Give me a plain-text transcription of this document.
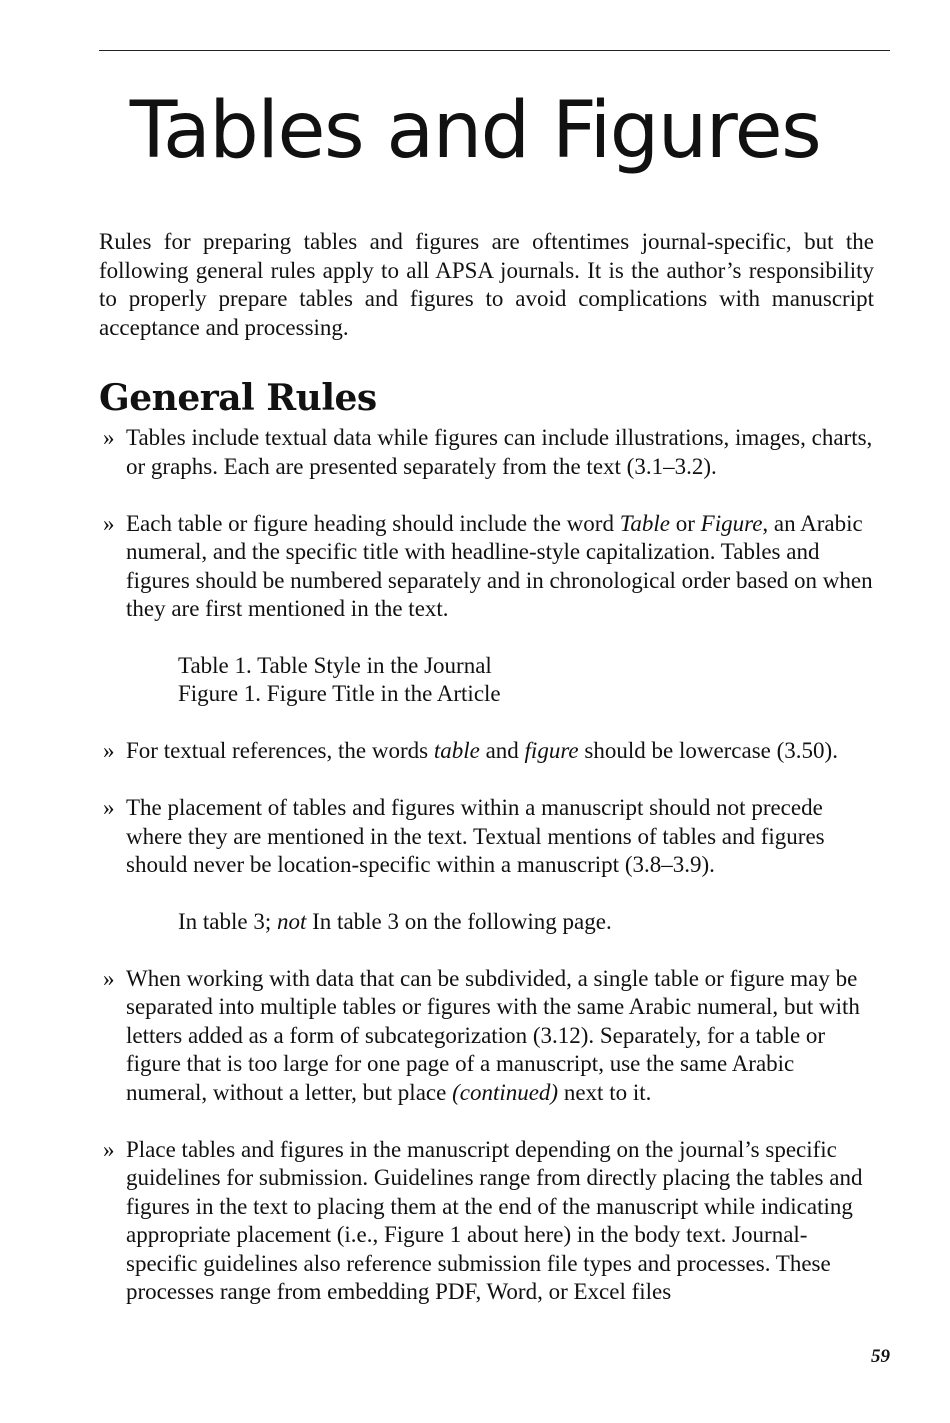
Tables and Figures

Rules for preparing tables and figures are oftentimes journal-specific, but the following general rules apply to all APSA journals. It is the author’s responsibility to properly prepare tables and figures to avoid complications with manuscript acceptance and processing.

General Rules
» Tables include textual data while figures can include illustrations, images, charts, or graphs. Each are presented separately from the text (3.1–3.2).

» Each table or figure heading should include the word Table or Figure, an Arabic numeral, and the specific title with headline-style capitalization. Tables and figures should be numbered separately and in chronological order based on when they are first mentioned in the text.

Table 1. Table Style in the Journal
Figure 1. Figure Title in the Article
» For textual references, the words table and figure should be lowercase (3.50).

» The placement of tables and figures within a manuscript should not precede where they are mentioned in the text. Textual mentions of tables and figures should never be location-specific within a manuscript (3.8–3.9).

In table 3; not In table 3 on the following page.
» When working with data that can be subdivided, a single table or figure may be separated into multiple tables or figures with the same Arabic numeral, but with letters added as a form of subcategorization (3.12). Separately, for a table or figure that is too large for one page of a manuscript, use the same Arabic numeral, without a letter, but place (continued) next to it.

» Place tables and figures in the manuscript depending on the journal’s specific guidelines for submission. Guidelines range from directly placing the tables and figures in the text to placing them at the end of the manuscript while indicating appropriate placement (i.e., Figure 1 about here) in the body text. Journal-specific guidelines also reference submission file types and processes. These processes range from embedding PDF, Word, or Excel files

59
